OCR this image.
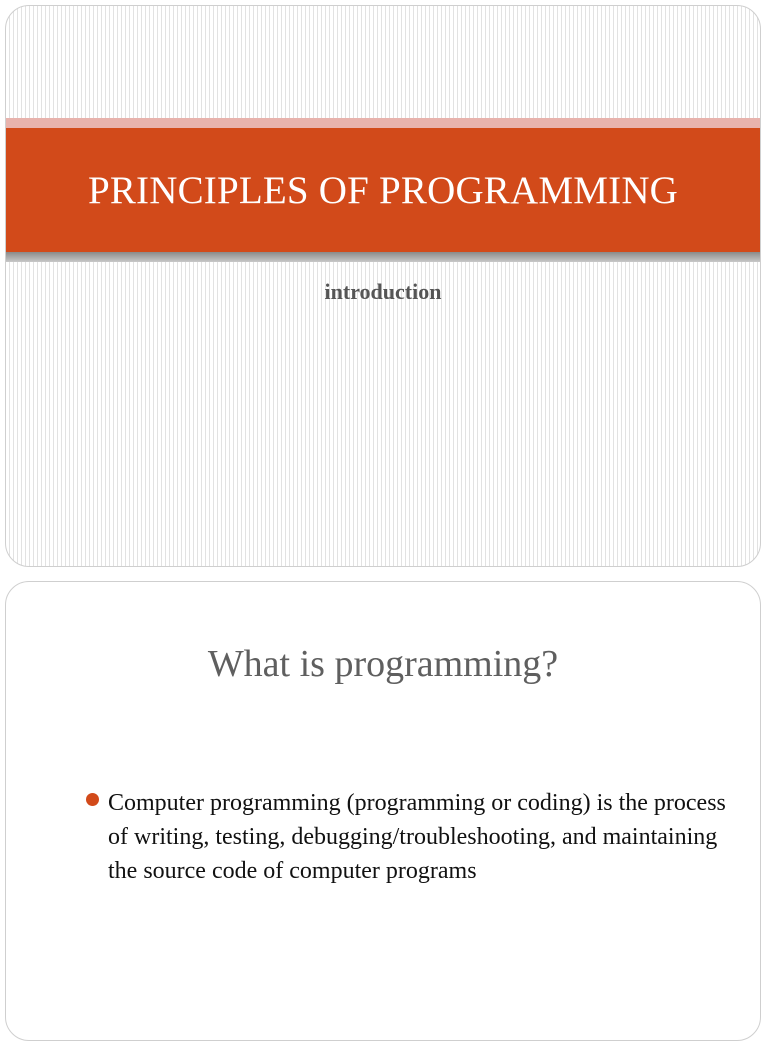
PRINCIPLES OF PROGRAMMING
introduction
What is programming?
Computer programming (programming or coding) is the process of writing, testing, debugging/troubleshooting, and maintaining the source code of computer programs
